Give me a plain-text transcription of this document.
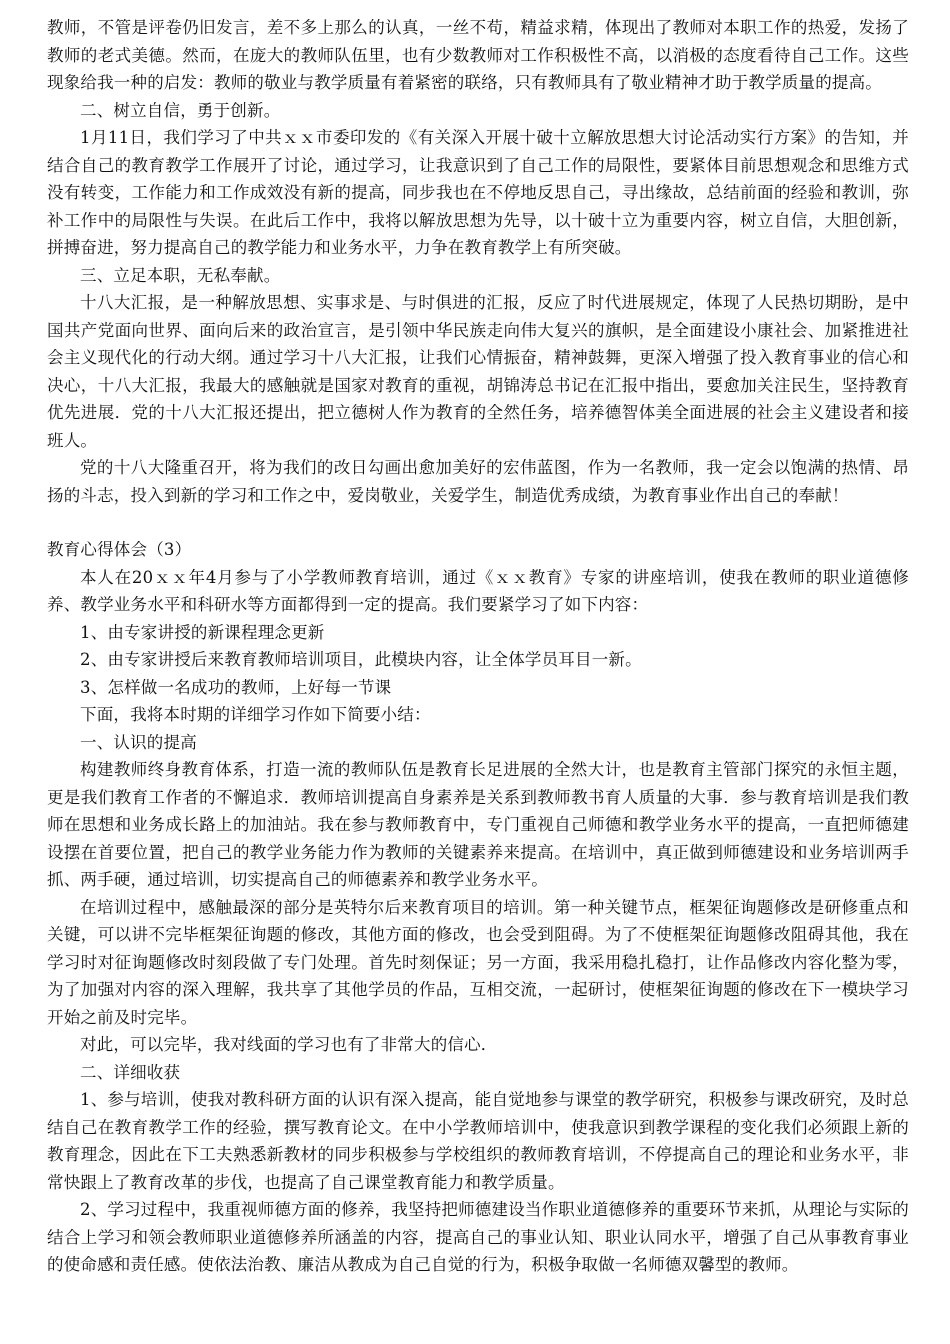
教师，不管是评卷仍旧发言，差不多上那么的认真，一丝不苟，精益求精，体现出了教师对本职工作的热爱，发扬了教师的老式美德。然而，在庞大的教师队伍里，也有少数教师对工作积极性不高，以消极的态度看待自己工作。这些现象给我一种的启发：教师的敬业与教学质量有着紧密的联络，只有教师具有了敬业精神才助于教学质量的提高。

二、树立自信，勇于创新。

1月11日，我们学习了中共ｘｘ市委印发的《有关深入开展十破十立解放思想大讨论活动实行方案》的告知，并结合自己的教育教学工作展开了讨论，通过学习，让我意识到了自己工作的局限性，要紧体目前思想观念和思维方式没有转变，工作能力和工作成效没有新的提高，同步我也在不停地反思自己，寻出缘故，总结前面的经验和教训，弥补工作中的局限性与失误。在此后工作中，我将以解放思想为先导，以十破十立为重要内容，树立自信，大胆创新，拼搏奋进，努力提高自己的教学能力和业务水平，力争在教育教学上有所突破。

三、立足本职，无私奉献。

十八大汇报，是一种解放思想、实事求是、与时俱进的汇报，反应了时代进展规定，体现了人民热切期盼，是中国共产党面向世界、面向后来的政治宣言，是引领中华民族走向伟大复兴的旗帜，是全面建设小康社会、加紧推进社会主义现代化的行动大纲。通过学习十八大汇报，让我们心情振奋，精神鼓舞，更深入增强了投入教育事业的信心和决心，十八大汇报，我最大的感触就是国家对教育的重视，胡锦涛总书记在汇报中指出，要愈加关注民生，坚持教育优先进展．党的十八大汇报还提出，把立德树人作为教育的全然任务，培养德智体美全面进展的社会主义建设者和接班人。

党的十八大隆重召开，将为我们的改日勾画出愈加美好的宏伟蓝图，作为一名教师，我一定会以饱满的热情、昂扬的斗志，投入到新的学习和工作之中，爱岗敬业，关爱学生，制造优秀成绩，为教育事业作出自己的奉献！

教育心得体会（3）

本人在20ｘｘ年4月参与了小学教师教育培训，通过《ｘｘ教育》专家的讲座培训，使我在教师的职业道德修养、教学业务水平和科研水等方面都得到一定的提高。我们要紧学习了如下内容：

1、由专家讲授的新课程理念更新

2、由专家讲授后来教育教师培训项目，此模块内容，让全体学员耳目一新。

3、怎样做一名成功的教师，上好每一节课

下面，我将本时期的详细学习作如下简要小结：

一、认识的提高

构建教师终身教育体系，打造一流的教师队伍是教育长足进展的全然大计，也是教育主管部门探究的永恒主题，更是我们教育工作者的不懈追求．教师培训提高自身素养是关系到教师教书育人质量的大事．参与教育培训是我们教师在思想和业务成长路上的加油站。我在参与教师教育中，专门重视自己师德和教学业务水平的提高，一直把师德建设摆在首要位置，把自己的教学业务能力作为教师的关键素养来提高。在培训中，真正做到师德建设和业务培训两手抓、两手硬，通过培训，切实提高自己的师德素养和教学业务水平。

在培训过程中，感触最深的部分是英特尔后来教育项目的培训。第一种关键节点，框架征询题修改是研修重点和关键，可以讲不完毕框架征询题的修改，其他方面的修改，也会受到阻碍。为了不使框架征询题修改阻碍其他，我在学习时对征询题修改时刻段做了专门处理。首先时刻保证；另一方面，我采用稳扎稳打，让作品修改内容化整为零，为了加强对内容的深入理解，我共享了其他学员的作品，互相交流，一起研讨，使框架征询题的修改在下一模块学习开始之前及时完毕。

对此，可以完毕，我对线面的学习也有了非常大的信心．

二、详细收获

1、参与培训，使我对教科研方面的认识有深入提高，能自觉地参与课堂的教学研究，积极参与课改研究，及时总结自己在教育教学工作的经验，撰写教育论文。在中小学教师培训中，使我意识到教学课程的变化我们必须跟上新的教育理念，因此在下工夫熟悉新教材的同步积极参与学校组织的教师教育培训，不停提高自己的理论和业务水平，非常快跟上了教育改革的步伐，也提高了自己课堂教育能力和教学质量。

2、学习过程中，我重视师德方面的修养，我坚持把师德建设当作职业道德修养的重要环节来抓，从理论与实际的结合上学习和领会教师职业道德修养所涵盖的内容，提高自己的事业认知、职业认同水平，增强了自己从事教育事业的使命感和责任感。使依法治教、廉洁从教成为自己自觉的行为，积极争取做一名师德双馨型的教师。
